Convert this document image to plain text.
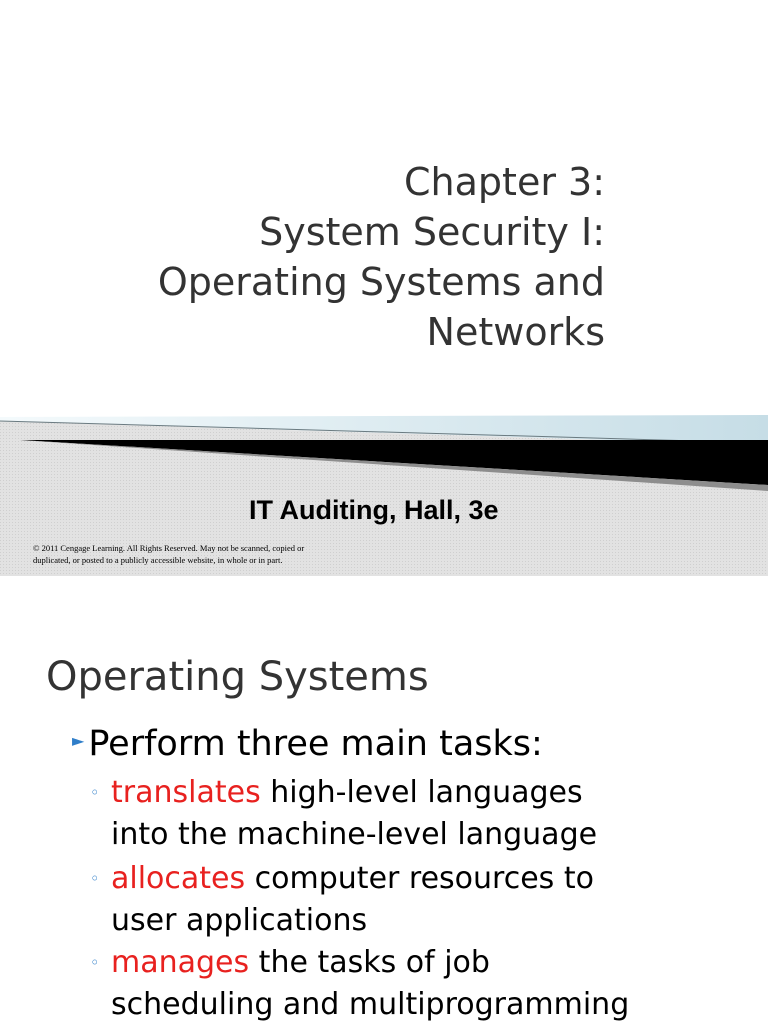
Chapter 3:
System Security I:
Operating Systems and
Networks
IT Auditing, Hall, 3e
© 2011 Cengage Learning. All Rights Reserved. May not be scanned, copied or
duplicated, or posted to a publicly accessible website, in whole or in part.
Operating Systems
► Perform three main tasks:
◦ translates high-level languages
into the machine-level language
◦ allocates computer resources to
user applications
◦ manages the tasks of job
scheduling and multiprogramming
